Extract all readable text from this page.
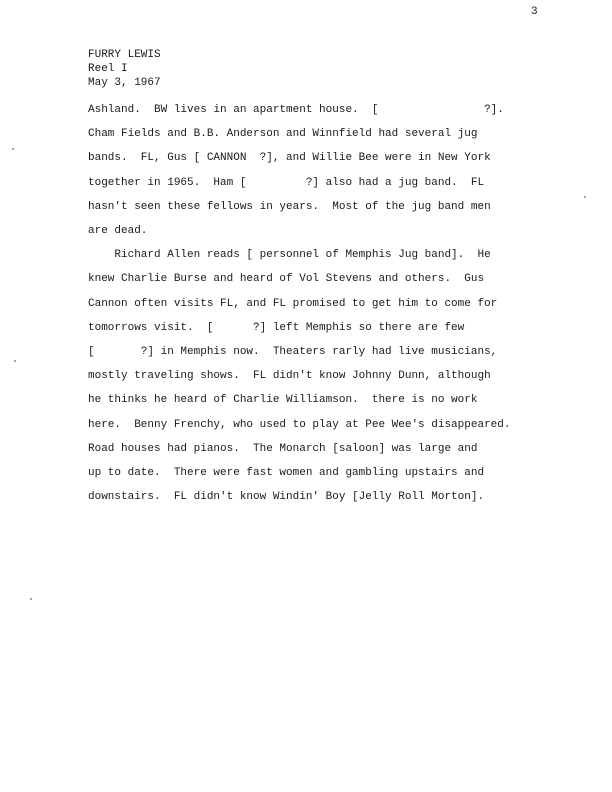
3
FURRY LEWIS
Reel I
May 3, 1967
Ashland.  BW lives in an apartment house.  [                ?].
Cham Fields and B.B. Anderson and Winnfield had several jug
bands.  FL, Gus [ CANNON  ?], and Willie Bee were in New York
together in 1965.  Ham [         ?] also had a jug band.  FL
hasn't seen these fellows in years.  Most of the jug band men
are dead.
Richard Allen reads [ personnel of Memphis Jug band].  He
knew Charlie Burse and heard of Vol Stevens and others.  Gus
Cannon often visits FL, and FL promised to get him to come for
tomorrows visit.  [      ?] left Memphis so there are few
[       ?] in Memphis now.  Theaters rarly had live musicians,
mostly traveling shows.  FL didn't know Johnny Dunn, although
he thinks he heard of Charlie Williamson.  there is no work
here.  Benny Frenchy, who used to play at Pee Wee's disappeared.
Road houses had pianos.  The Monarch [saloon] was large and
up to date.  There were fast women and gambling upstairs and
downstairs.  FL didn't know Windin' Boy [Jelly Roll Morton].
